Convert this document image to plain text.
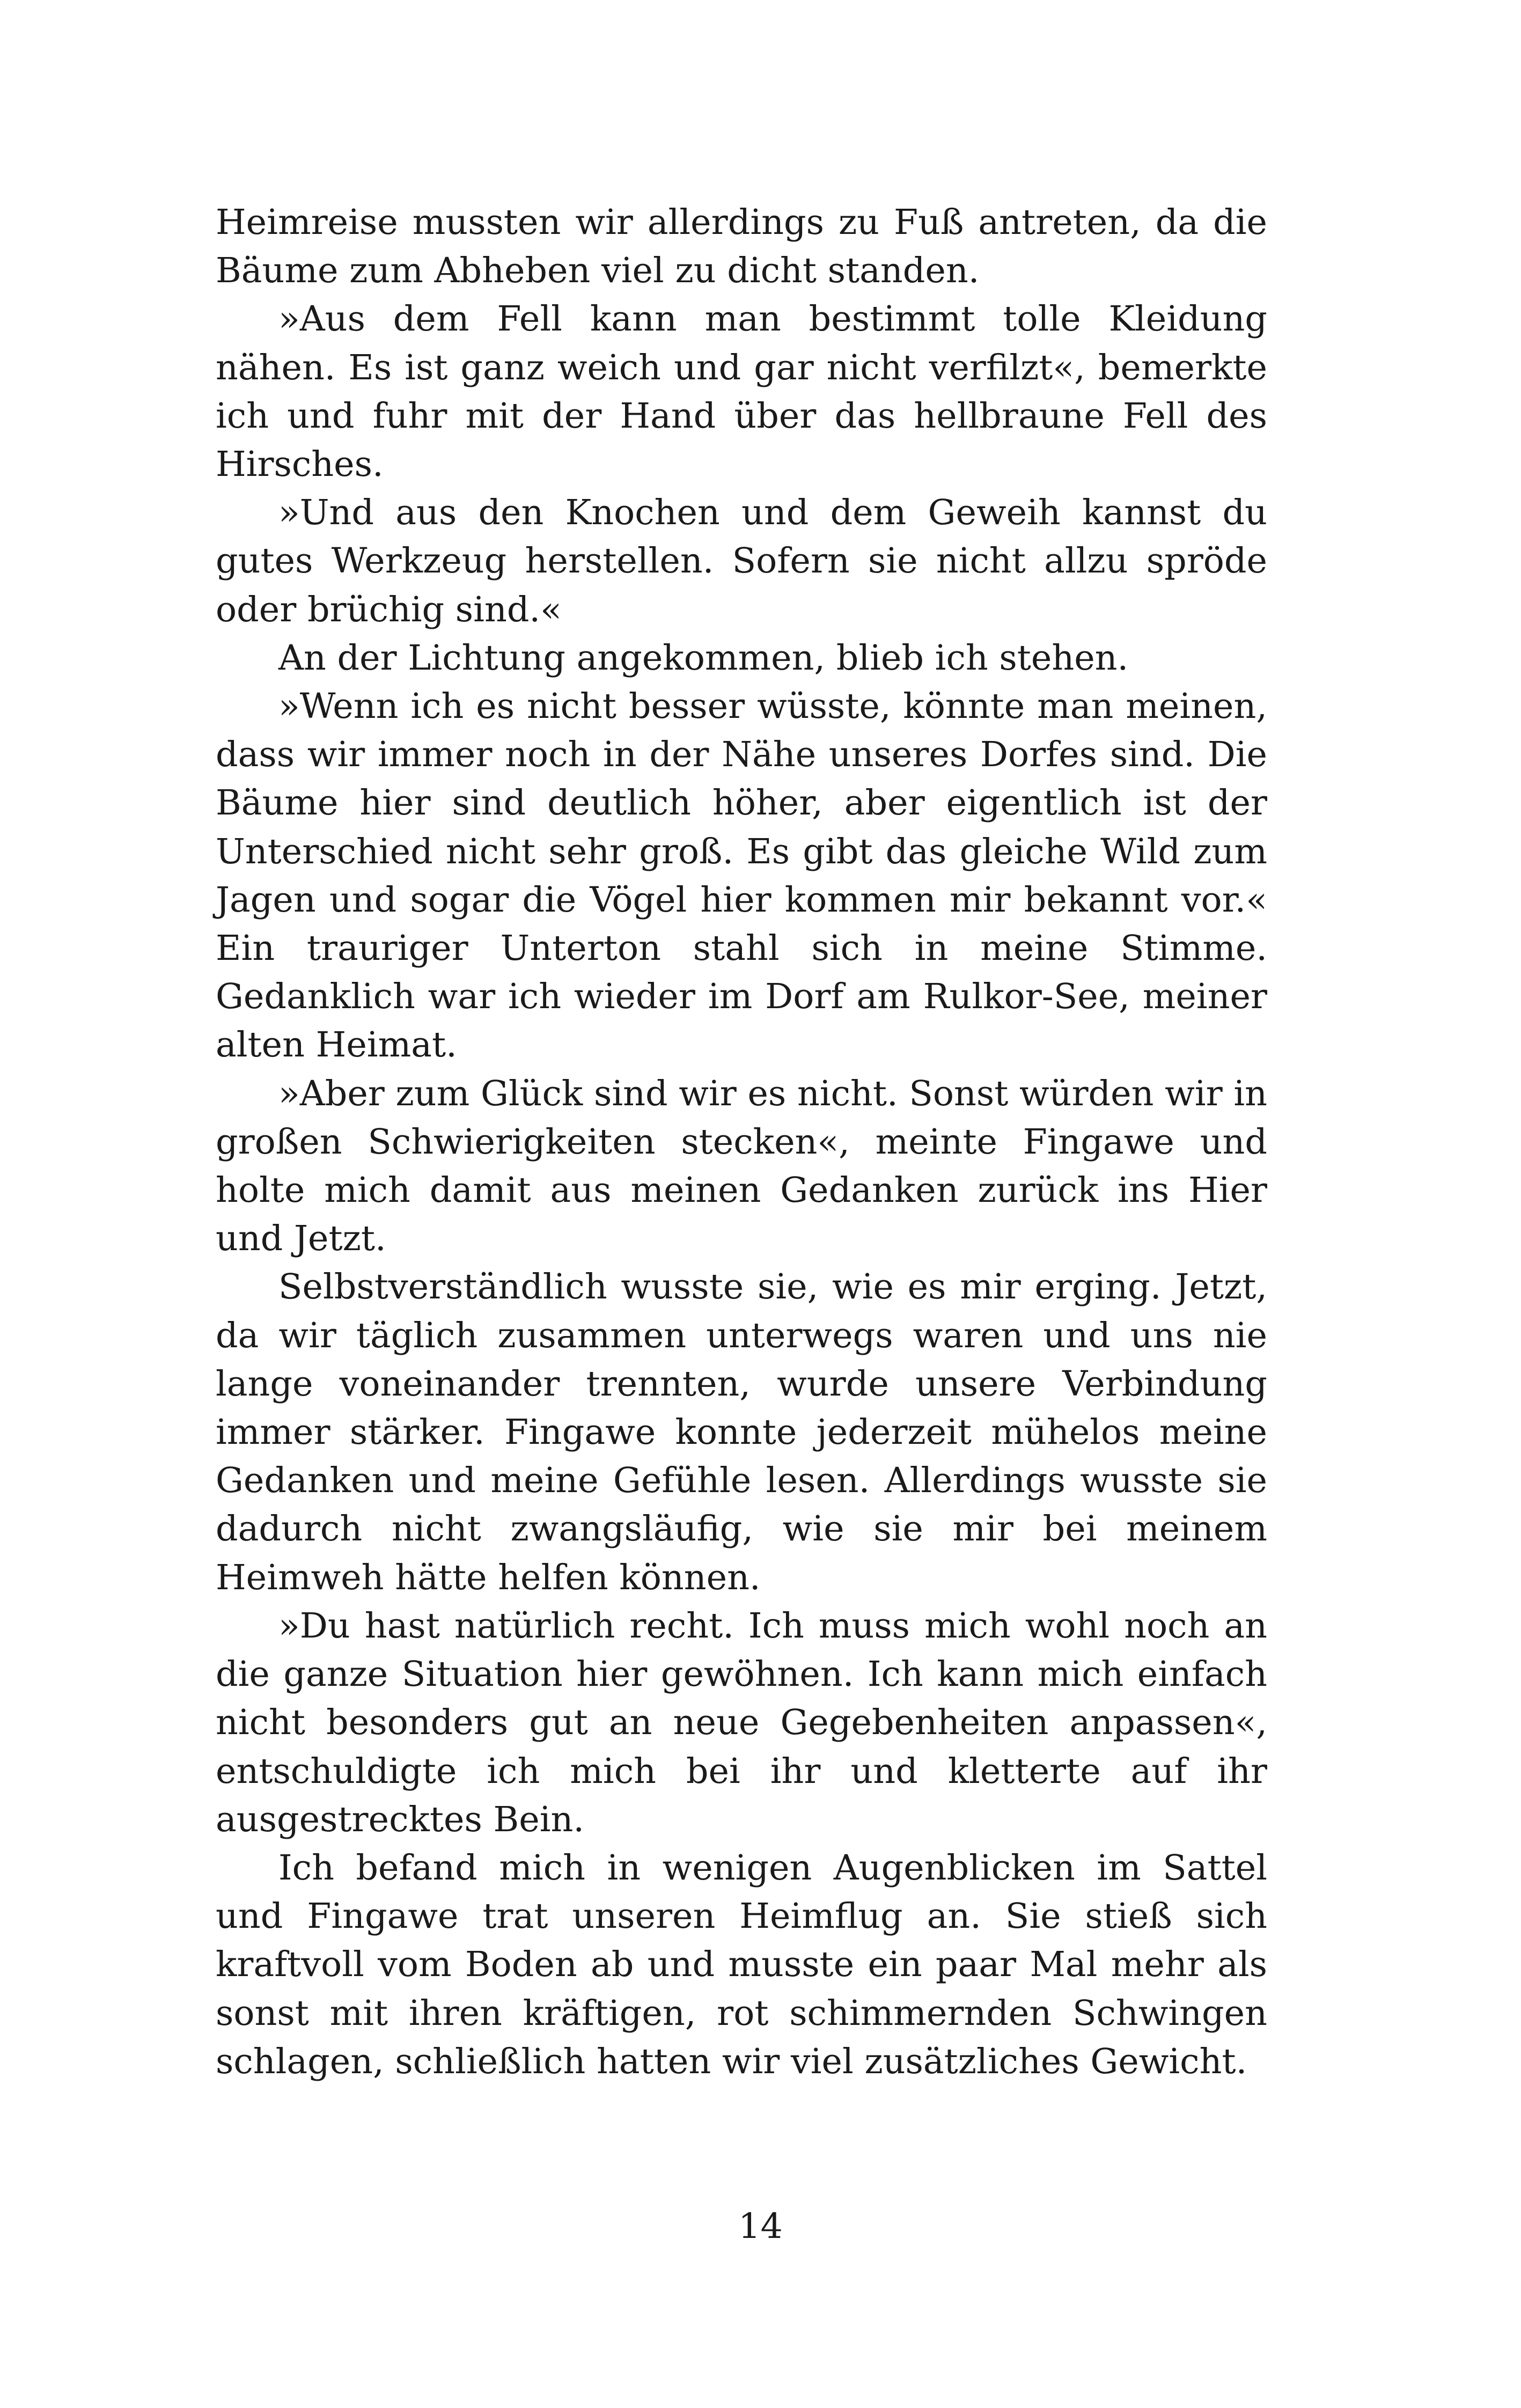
Heimreise mussten wir allerdings zu Fuß antreten, da die Bäume zum Abheben viel zu dicht standen.

»Aus dem Fell kann man bestimmt tolle Kleidung nähen. Es ist ganz weich und gar nicht verfilzt«, bemerkte ich und fuhr mit der Hand über das hellbraune Fell des Hirsches.

»Und aus den Knochen und dem Geweih kannst du gutes Werkzeug herstellen. Sofern sie nicht allzu spröde oder brüchig sind.«

An der Lichtung angekommen, blieb ich stehen.

»Wenn ich es nicht besser wüsste, könnte man meinen, dass wir immer noch in der Nähe unseres Dorfes sind. Die Bäume hier sind deutlich höher, aber eigentlich ist der Unterschied nicht sehr groß. Es gibt das gleiche Wild zum Jagen und sogar die Vögel hier kommen mir bekannt vor.« Ein trauriger Unterton stahl sich in meine Stimme. Gedanklich war ich wieder im Dorf am Rulkor-See, meiner alten Heimat.

»Aber zum Glück sind wir es nicht. Sonst würden wir in großen Schwierigkeiten stecken«, meinte Fingawe und holte mich damit aus meinen Gedanken zurück ins Hier und Jetzt.

Selbstverständlich wusste sie, wie es mir erging. Jetzt, da wir täglich zusammen unterwegs waren und uns nie lange voneinander trennten, wurde unsere Verbindung immer stärker. Fingawe konnte jederzeit mühelos meine Gedanken und meine Gefühle lesen. Allerdings wusste sie dadurch nicht zwangsläufig, wie sie mir bei meinem Heimweh hätte helfen können.

»Du hast natürlich recht. Ich muss mich wohl noch an die ganze Situation hier gewöhnen. Ich kann mich einfach nicht besonders gut an neue Gegebenheiten anpassen«, entschuldigte ich mich bei ihr und kletterte auf ihr ausgestrecktes Bein.

Ich befand mich in wenigen Augenblicken im Sattel und Fingawe trat unseren Heimflug an. Sie stieß sich kraftvoll vom Boden ab und musste ein paar Mal mehr als sonst mit ihren kräftigen, rot schimmernden Schwingen schlagen, schließlich hatten wir viel zusätzliches Gewicht.

14
